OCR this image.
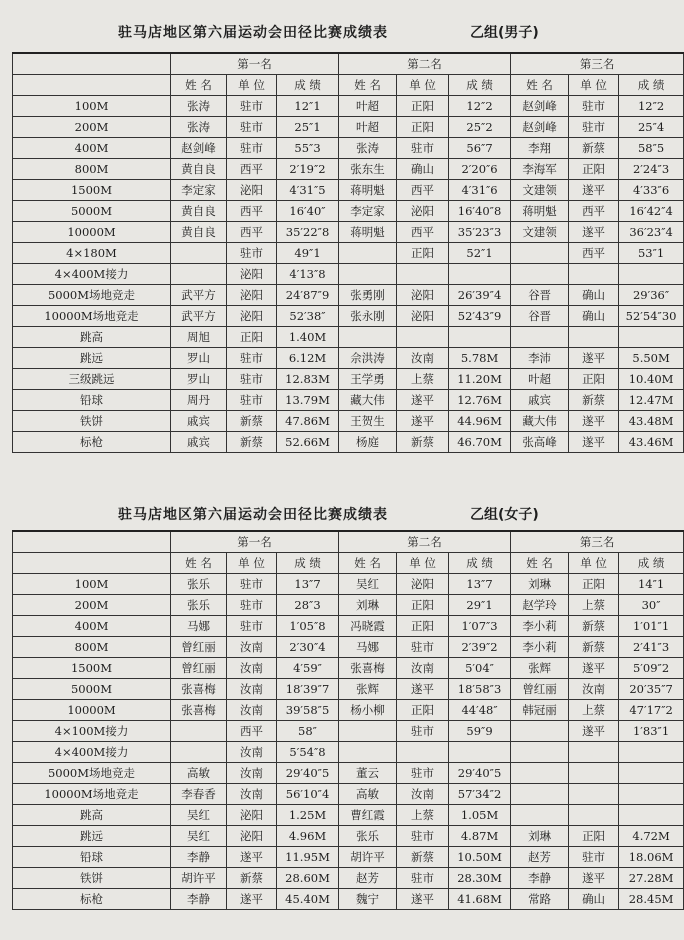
驻马店地区第六届运动会田径比赛成绩表	乙组(男子)
	第一名			第二名			第三名		
	姓 名	单 位	成 绩	姓 名	单 位	成 绩	姓 名	单 位	成 绩
100M	张涛	驻市	12″1	叶超	正阳	12″2	赵剑峰	驻市	12″2
200M	张涛	驻市	25″1	叶超	正阳	25″2	赵剑峰	驻市	25″4
400M	赵剑峰	驻市	55″3	张涛	驻市	56″7	李翔	新蔡	58″5
800M	黄自良	西平	2′19″2	张东生	确山	2′20″6	李海军	正阳	2′24″3
1500M	李定家	泌阳	4′31″5	蒋明魁	西平	4′31″6	文建领	遂平	4′33″6
5000M	黄自良	西平	16′40″	李定家	泌阳	16′40″8	蒋明魁	西平	16′42″4
10000M	黄自良	西平	35′22″8	蒋明魁	西平	35′23″3	文建领	遂平	36′23″4
4×180M		驻市	49″1		正阳	52″1		西平	53″1
4×400M接力		泌阳	4′13″8						
5000M场地竞走	武平方	泌阳	24′87″9	张勇刚	泌阳	26′39″4	谷晋	确山	29′36″
10000M场地竞走	武平方	泌阳	52′38″	张永刚	泌阳	52′43″9	谷晋	确山	52′54″30
跳高	周旭	正阳	1.40M						
跳远	罗山	驻市	6.12M	佘洪涛	汝南	5.78M	李沛	遂平	5.50M
三级跳远	罗山	驻市	12.83M	王学勇	上蔡	11.20M	叶超	正阳	10.40M
铅球	周丹	驻市	13.79M	藏大伟	遂平	12.76M	戚宾	新蔡	12.47M
铁饼	戚宾	新蔡	47.86M	王贺生	遂平	44.96M	藏大伟	遂平	43.48M
标枪	戚宾	新蔡	52.66M	杨庭	新蔡	46.70M	张高峰	遂平	43.46M
驻马店地区第六届运动会田径比赛成绩表	乙组(女子)
	第一名			第二名			第三名		
	姓 名	单 位	成 绩	姓 名	单 位	成 绩	姓 名	单 位	成 绩
100M	张乐	驻市	13″7	吴红	泌阳	13″7	刘琳	正阳	14″1
200M	张乐	驻市	28″3	刘琳	正阳	29″1	赵学玲	上蔡	30″
400M	马娜	驻市	1′05″8	冯晓霞	正阳	1′07″3	李小莉	新蔡	1′01″1
800M	曾红丽	汝南	2′30″4	马娜	驻市	2′39″2	李小莉	新蔡	2′41″3
1500M	曾红丽	汝南	4′59″	张喜梅	汝南	5′04″	张辉	遂平	5′09″2
5000M	张喜梅	汝南	18′39″7	张辉	遂平	18′58″3	曾红丽	汝南	20′35″7
10000M	张喜梅	汝南	39′58″5	杨小柳	正阳	44′48″	韩冠丽	上蔡	47′17″2
4×100M接力		西平	58″		驻市	59″9		遂平	1′83″1
4×400M接力		汝南	5′54″8						
5000M场地竞走	高敏	汝南	29′40″5	董云	驻市	29′40″5			
10000M场地竞走	李春香	汝南	56′10″4	高敏	汝南	57′34″2			
跳高	吴红	泌阳	1.25M	曹红霞	上蔡	1.05M			
跳远	吴红	泌阳	4.96M	张乐	驻市	4.87M	刘琳	正阳	4.72M
铅球	李静	遂平	11.95M	胡许平	新蔡	10.50M	赵芳	驻市	18.06M
铁饼	胡许平	新蔡	28.60M	赵芳	驻市	28.30M	李静	遂平	27.28M
标枪	李静	遂平	45.40M	魏宁	遂平	41.68M	常路	确山	28.45M
